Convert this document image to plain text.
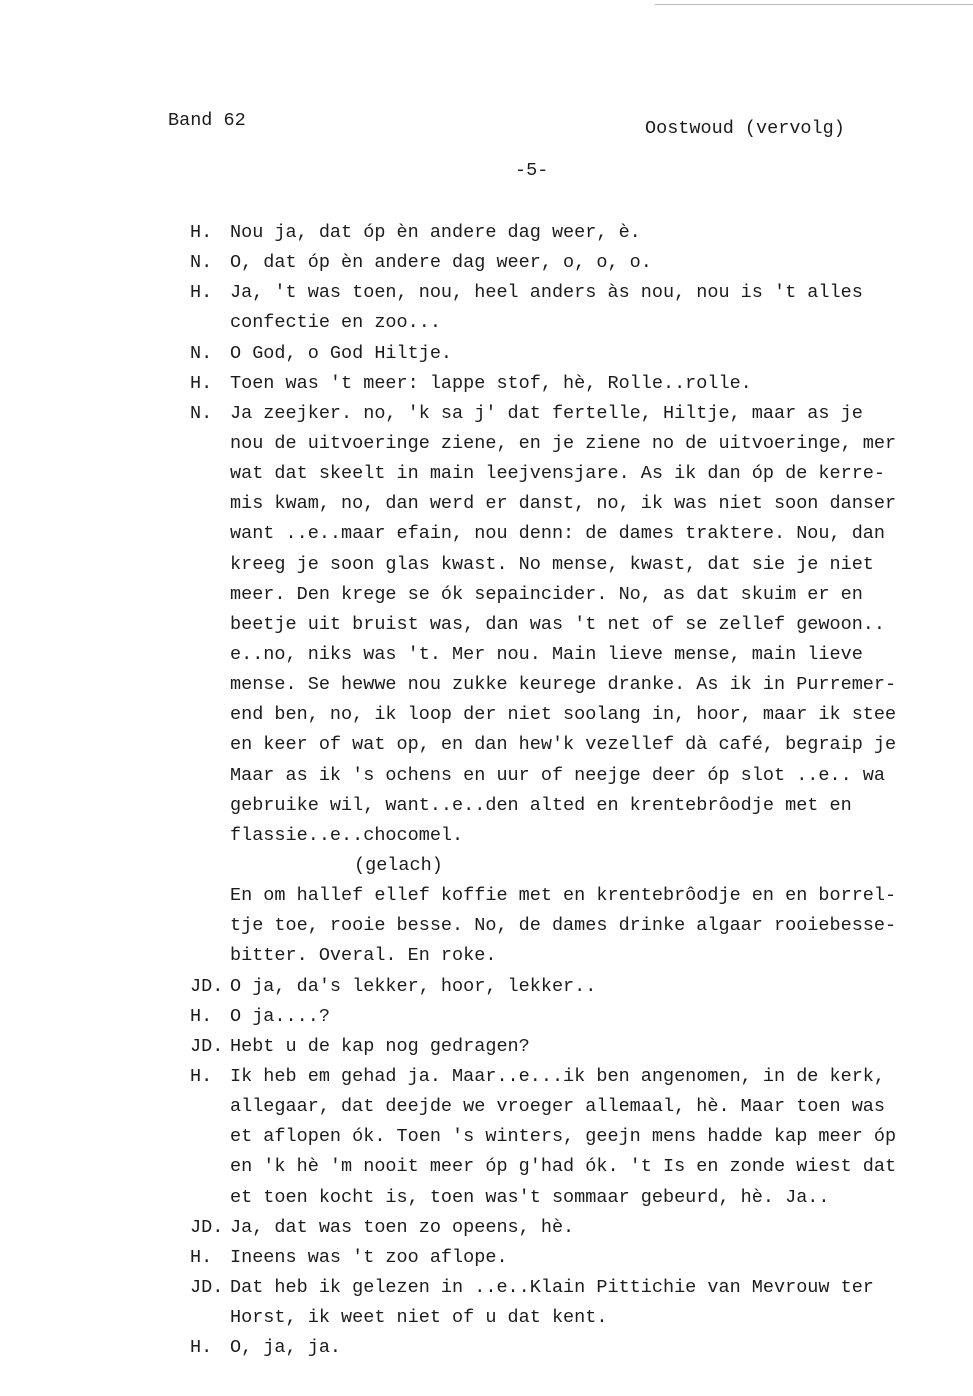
Band 62	Oostwoud (vervolg)
-5-
H. Nou ja, dat óp èn andere dag weer, è.
N. O, dat óp èn andere dag weer, o, o, o.
H. Ja, 't was toen, nou, heel anders às nou, nou is 't alles
confectie en zoo...
N. O God, o God Hiltje.
H. Toen was 't meer: lappe stof, hè, Rolle..rolle.
N. Ja zeejker. no, 'k sa j' dat fertelle, Hiltje, maar as je
nou de uitvoeringe ziene, en je ziene no de uitvoeringe, mer
wat dat skeelt in main leejvensjare. As ik dan óp de kerre-
mis kwam, no, dan werd er danst, no, ik was niet soon danser
want ..e..maar efain, nou denn: de dames traktere. Nou, dan
kreeg je soon glas kwast. No mense, kwast, dat sie je niet
meer. Den krege se ók sepaincider. No, as dat skuim er en
beetje uit bruist was, dan was 't net of se zellef gewoon..
e..no, niks was 't. Mer nou. Main lieve mense, main lieve
mense. Se hewwe nou zukke keurege dranke. As ik in Purremer-
end ben, no, ik loop der niet soolang in, hoor, maar ik stee
en keer of wat op, en dan hew'k vezellef dà café, begraip je
Maar as ik 's ochens en uur of neejge deer óp slot ..e.. wa
gebruike wil, want..e..den alted en krentebrôodje met en
flassie..e..chocomel.
(gelach)
En om hallef ellef koffie met en krentebrôodje en en borrel-
tje toe, rooie besse. No, de dames drinke algaar rooiebesse-
bitter. Overal. En roke.
JD. O ja, da's lekker, hoor, lekker..
H. O ja....?
JD. Hebt u de kap nog gedragen?
H. Ik heb em gehad ja. Maar..e...ik ben angenomen, in de kerk,
allegaar, dat deejde we vroeger allemaal, hè. Maar toen was
et aflopen ók. Toen 's winters, geejn mens hadde kap meer óp
en 'k hè 'm nooit meer óp g'had ók. 't Is en zonde wiest dat
et toen kocht is, toen was't sommaar gebeurd, hè. Ja..
JD. Ja, dat was toen zo opeens, hè.
H. Ineens was 't zoo aflope.
JD. Dat heb ik gelezen in ..e..Klain Pittichie van Mevrouw ter
Horst, ik weet niet of u dat kent.
H. O, ja, ja.
